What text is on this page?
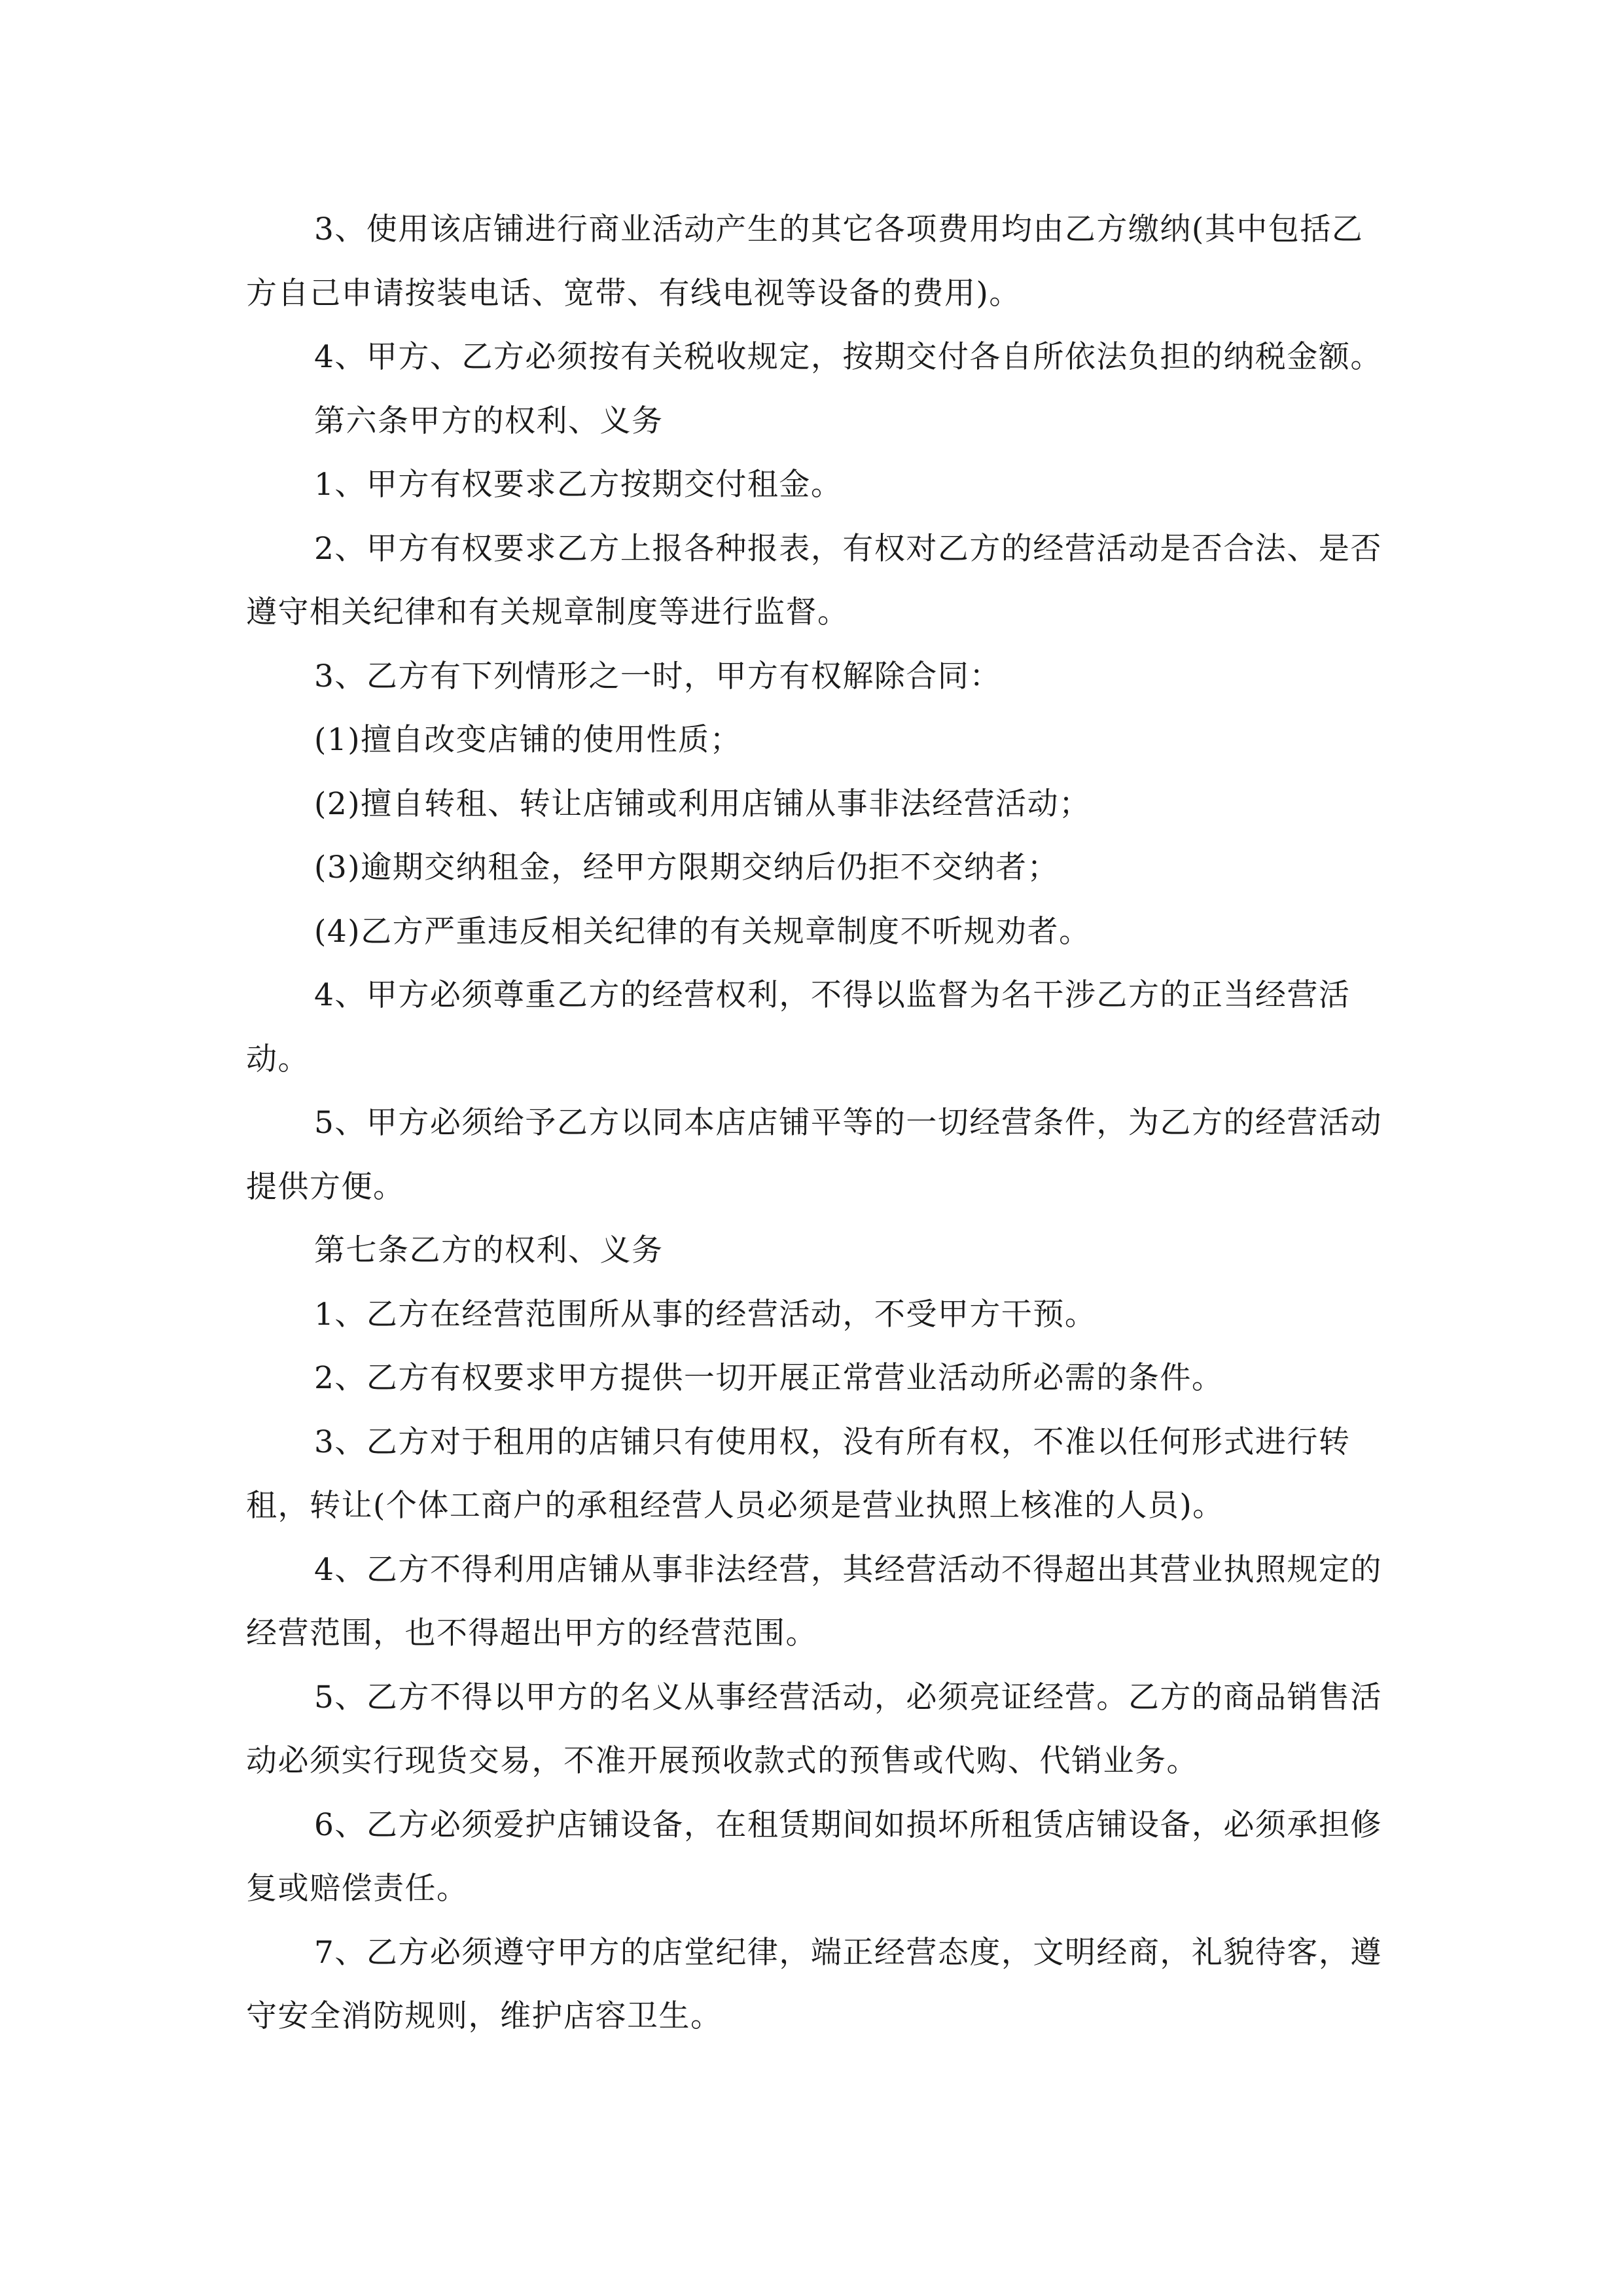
3、使用该店铺进行商业活动产生的其它各项费用均由乙方缴纳(其中包括乙方自己申请按装电话、宽带、有线电视等设备的费用)。

4、甲方、乙方必须按有关税收规定，按期交付各自所依法负担的纳税金额。

第六条甲方的权利、义务

1、甲方有权要求乙方按期交付租金。

2、甲方有权要求乙方上报各种报表，有权对乙方的经营活动是否合法、是否遵守相关纪律和有关规章制度等进行监督。

3、乙方有下列情形之一时，甲方有权解除合同：

(1)擅自改变店铺的使用性质；

(2)擅自转租、转让店铺或利用店铺从事非法经营活动；

(3)逾期交纳租金，经甲方限期交纳后仍拒不交纳者；

(4)乙方严重违反相关纪律的有关规章制度不听规劝者。

4、甲方必须尊重乙方的经营权利，不得以监督为名干涉乙方的正当经营活动。

5、甲方必须给予乙方以同本店店铺平等的一切经营条件，为乙方的经营活动提供方便。

第七条乙方的权利、义务

1、乙方在经营范围所从事的经营活动，不受甲方干预。

2、乙方有权要求甲方提供一切开展正常营业活动所必需的条件。

3、乙方对于租用的店铺只有使用权，没有所有权，不准以任何形式进行转租，转让(个体工商户的承租经营人员必须是营业执照上核准的人员)。

4、乙方不得利用店铺从事非法经营，其经营活动不得超出其营业执照规定的经营范围，也不得超出甲方的经营范围。

5、乙方不得以甲方的名义从事经营活动，必须亮证经营。乙方的商品销售活动必须实行现货交易，不准开展预收款式的预售或代购、代销业务。

6、乙方必须爱护店铺设备，在租赁期间如损坏所租赁店铺设备，必须承担修复或赔偿责任。

7、乙方必须遵守甲方的店堂纪律，端正经营态度，文明经商，礼貌待客，遵守安全消防规则，维护店容卫生。
